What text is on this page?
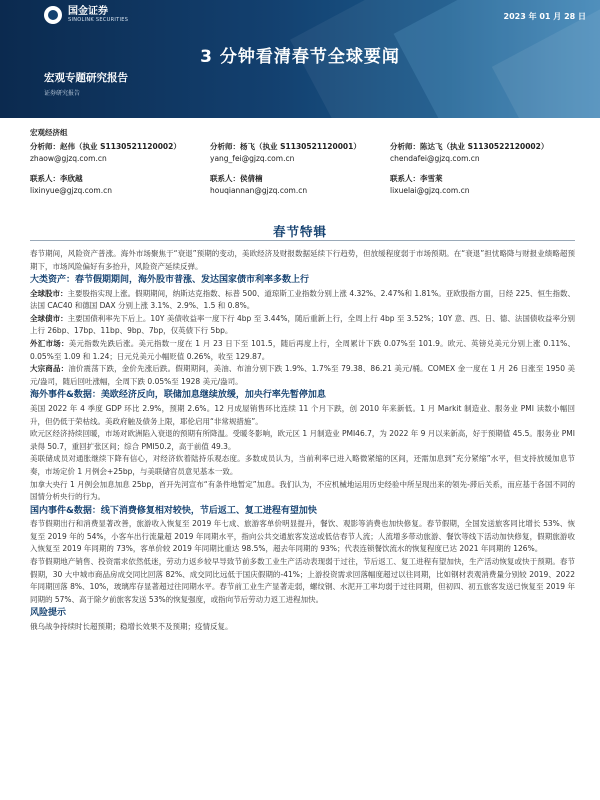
国金证券
SINOLINK SECURITIES	2023 年 01 月 28 日
3 分钟看清春节全球要闻
宏观专题研究报告
证券研究报告
宏观经济组
分析师：赵伟（执业 S1130521120002）
zhaow@gjzq.com.cn
分析师：杨飞（执业 S1130521120001）
yang_fei@gjzq.com.cn
分析师：陈达飞（执业 S1130522120002）
chendafei@gjzq.com.cn
联系人：李欣越
lixinyue@gjzq.com.cn
联系人：侯倩楠
houqiannan@gjzq.com.cn
联系人：李雪莱
lixuelai@gjzq.com.cn
春节特辑

春节期间，风险资产普涨。海外市场聚焦于“衰退”预期的变动，美欧经济及财报数据延续下行趋势，但放缓程度弱于市场预期。在“衰退”担忧略降与财报业绩略超预期下，市场风险偏好有多抬升，风险资产延续反弹。

大类资产：春节假期期间，海外股市普涨、发达国家债市利率多数上行

全球股市：主要股指实现上涨。假期期间，纳斯达克指数、标普 500、道琼斯工业指数分别上涨 4.32%、2.47%和 1.81%。亚欧股指方面，日经 225、恒生指数、法国 CAC40 和德国 DAX 分别上涨 3.1%、2.9%、1.5 和 0.8%。

全球债市：主要国债利率先下后上。10Y 美债收益率一度下行 4bp 至 3.44%，随后重新上行，全周上行 4bp 至 3.52%；10Y 意、西、日、德、法国债收益率分别上行 26bp、17bp、11bp、9bp、7bp，仅英债下行 5bp。

外汇市场：美元指数先跌后涨。美元指数一度在 1 月 23 日下至 101.5，随后再度上行，全周累计下跌 0.07%至 101.9。欧元、英镑兑美元分别上涨 0.11%、0.05%至 1.09 和 1.24；日元兑美元小幅贬值 0.26%，收至 129.87。

大宗商品：油价震荡下跌，金价先涨后跌。假期期间，美油、布油分别下跌 1.9%、1.7%至 79.38、86.21 美元/桶。COMEX 金一度在 1 月 26 日涨至 1950 美元/盎司，随后回吐涨幅，全周下跌 0.05%至 1928 美元/盎司。

海外事件&数据：美欧经济反向，联储加息继续放缓，加央行率先暂停加息

美国 2022 年 4 季度 GDP 环比 2.9%，预期 2.6%。12 月成屋销售环比连续 11 个月下跌，创 2010 年来新低。1 月 Markit 制造业、服务业 PMI 读数小幅回升，但仍低于荣枯线。美政府触及债务上限，耶伦启用“非常规措施”。

欧元区经济持续回暖，市场对欧洲陷入衰退的预期有所降温。受暖冬影响，欧元区 1 月制造业 PMI46.7，为 2022 年 9 月以来新高，好于预期值 45.5。服务业 PMI 录得 50.7，重回扩张区间；综合 PMI50.2，高于前值 49.3。

美联储成员对通胀继续下降有信心，对经济软着陆持乐观态度。多数成员认为，当前利率已进入略微紧缩的区间，还需加息到“充分紧缩”水平，但支持放缓加息节奏，市场定价 1 月例会+25bp，与美联储官员意见基本一致。

加拿大央行 1 月例会加息加息 25bp，首开先河宣布“有条件地暂定”加息。我们认为，不应机械地运用历史经验中所呈现出来的领先-滞后关系，而应基于各国不同的国情分析央行的行为。

国内事件&数据：线下消费修复相对较快，节后返工、复工进程有望加快

春节假期出行和消费显著改善，旅游收入恢复至 2019 年七成、旅游客单价明显提升，餐饮、观影等消费也加快修复。春节假期，全国发送旅客同比增长 53%、恢复至 2019 年的 54%，小客车出行流量超 2019 年同期水平，指向公共交通旅客发送或低估春节人流；人流增多带动旅游、餐饮等线下活动加快修复，假期旅游收入恢复至 2019 年同期的 73%，客单价较 2019 年同期比重达 98.5%，超去年同期的 93%；代表连锁餐饮流水的恢复程度已达 2021 年同期的 126%。

春节假期地产销售、投资需求依然低迷，劳动力返乡较早导致节前多数工业生产活动表现弱于过往，节后返工、复工进程有望加快，生产活动恢复或快于预期。春节假期，30 大中城市商品房成交同比回落 82%、成交同比远低于国庆假期的-41%；上游投资需求回落幅度超过以往同期，比如钢材表观消费量分别较 2019、2022 年同期回落 8%、10%，玻璃库存显著超过往同期水平。春节前工业生产显著走弱，螺纹钢、水泥开工率均弱于过往同期，但初四、初五旅客发送已恢复至 2019 年同期的 57%、高于除夕前旅客发送 53%的恢复强度，或指向节后劳动力返工进程加快。

风险提示

俄乌战争持续时长超预期；稳增长效果不及预期；疫情反复。
